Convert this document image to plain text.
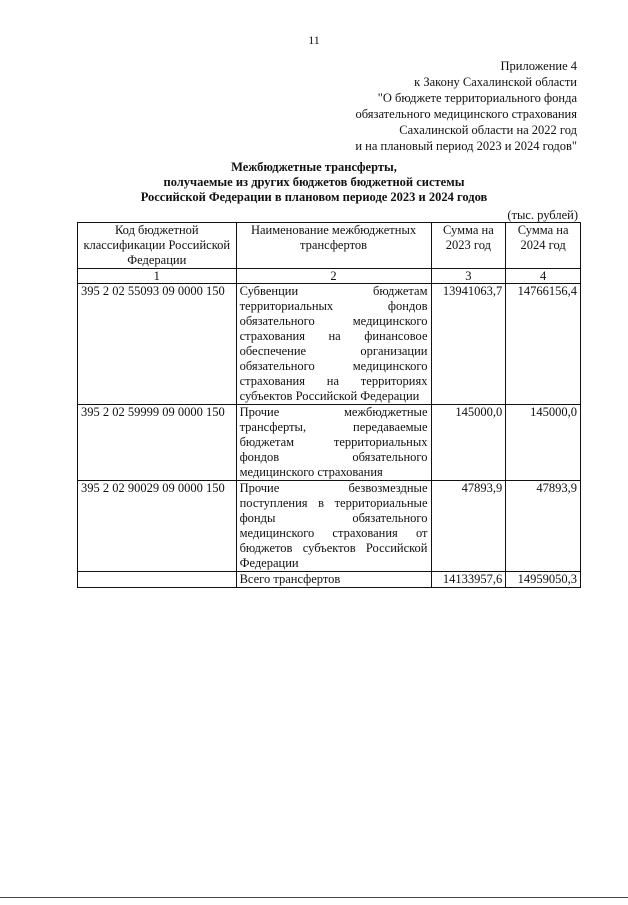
11
Приложение 4
к Закону Сахалинской области
"О бюджете территориального фонда
обязательного медицинского страхования
Сахалинской области на 2022 год
и на плановый период 2023 и 2024 годов"
Межбюджетные трансферты,
получаемые из других бюджетов бюджетной системы
Российской Федерации в плановом периоде 2023 и 2024 годов
(тыс. рублей)
Код бюджетной классификации Российской Федерации	Наименование межбюджетных трансфертов	Сумма на 2023 год	Сумма на 2024 год
1	2	3	4
395 2 02 55093 09 0000 150	Субвенции бюджетам территориальных фондов обязательного медицинского страхования на финансовое обеспечение организации обязательного медицинского страхования на территориях субъектов Российской Федерации	13941063,7	14766156,4
395 2 02 59999 09 0000 150	Прочие межбюджетные трансферты, передаваемые бюджетам территориальных фондов обязательного медицинского страхования	145000,0	145000,0
395 2 02 90029 09 0000 150	Прочие безвозмездные поступления в территориальные фонды обязательного медицинского страхования от бюджетов субъектов Российской Федерации	47893,9	47893,9
	Всего трансфертов	14133957,6	14959050,3
